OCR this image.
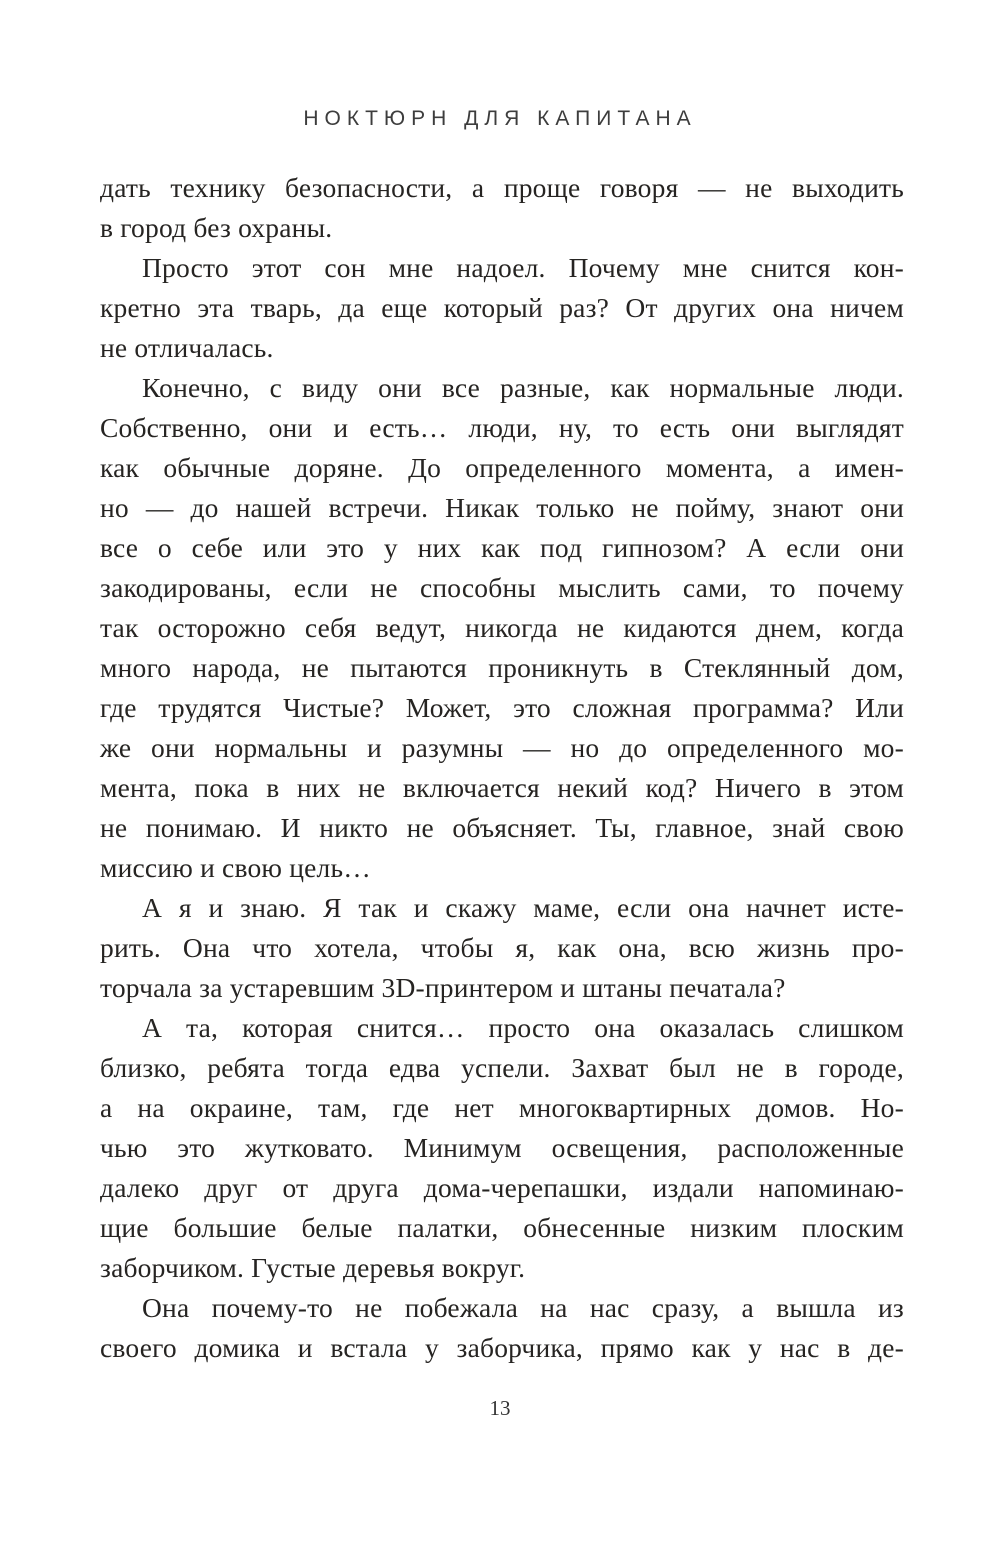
НОКТЮРН ДЛЯ КАПИТАНА
дать технику безопасности, а проще говоря — не выходить
в город без охраны.
Просто этот сон мне надоел. Почему мне снится кон-
кретно эта тварь, да еще который раз? От других она ничем
не отличалась.
Конечно, с виду они все разные, как нормальные люди.
Собственно, они и есть… люди, ну, то есть они выглядят
как обычные доряне. До определенного момента, а имен-
но — до нашей встречи. Никак только не пойму, знают они
все о себе или это у них как под гипнозом? А если они
закодированы, если не способны мыслить сами, то почему
так осторожно себя ведут, никогда не кидаются днем, когда
много народа, не пытаются проникнуть в Стеклянный дом,
где трудятся Чистые? Может, это сложная программа? Или
же они нормальны и разумны — но до определенного мо-
мента, пока в них не включается некий код? Ничего в этом
не понимаю. И никто не объясняет. Ты, главное, знай свою
миссию и свою цель…
А я и знаю. Я так и скажу маме, если она начнет исте-
рить. Она что хотела, чтобы я, как она, всю жизнь про-
торчала за устаревшим 3D-принтером и штаны печатала?
А та, которая снится… просто она оказалась слишком
близко, ребята тогда едва успели. Захват был не в городе,
а на окраине, там, где нет многоквартирных домов. Но-
чью это жутковато. Минимум освещения, расположенные
далеко друг от друга дома-черепашки, издали напоминаю-
щие большие белые палатки, обнесенные низким плоским
заборчиком. Густые деревья вокруг.
Она почему-то не побежала на нас сразу, а вышла из
своего домика и встала у заборчика, прямо как у нас в де-
13
